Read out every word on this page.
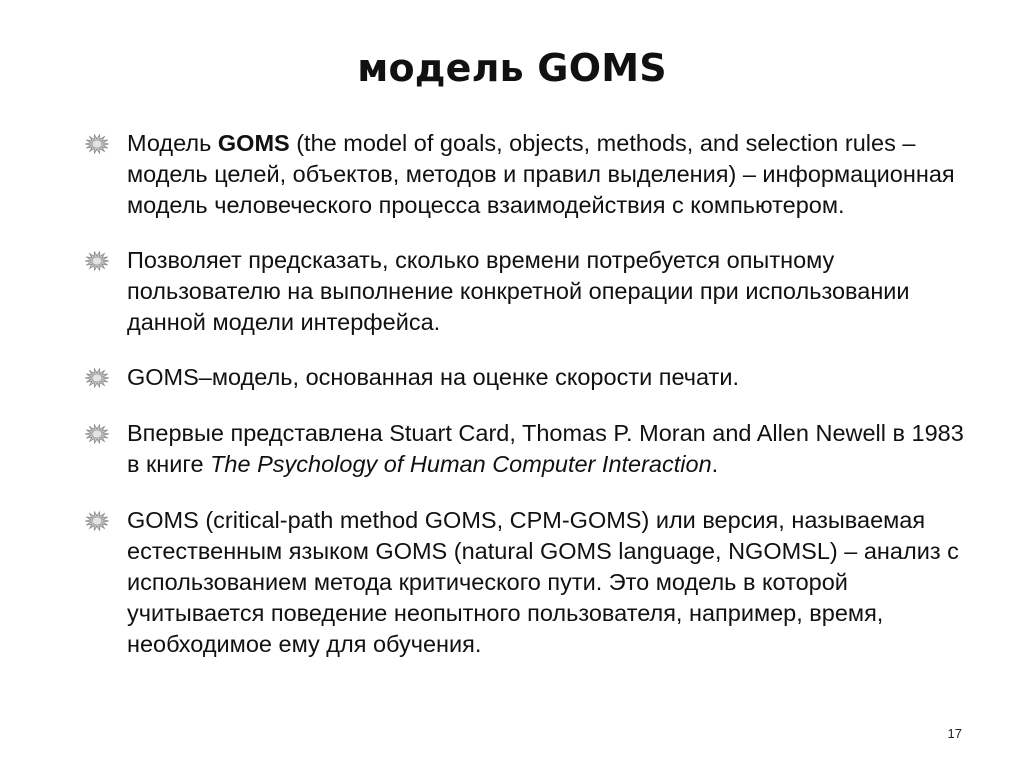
модель GOMS
Модель GOMS (the model of goals, objects, methods, and selection rules – модель целей, объектов, методов и правил выделения) – информационная модель человеческого процесса взаимодействия с компьютером.
Позволяет предсказать, сколько времени потребуется опытному пользователю на выполнение конкретной операции при использовании данной модели интерфейса.
GOMS–модель, основанная на оценке скорости печати.
Впервые представлена Stuart Card, Thomas P. Moran and Allen Newell в 1983 в книге The Psychology of Human Computer Interaction.
GOMS (critical-path method GOMS, CPM-GOMS) или версия, называемая естественным языком GOMS (natural GOMS language, NGOMSL) – анализ с использованием метода критического пути. Это модель в которой учитывается поведение неопытного пользователя, например, время, необходимое ему для обучения.
17
